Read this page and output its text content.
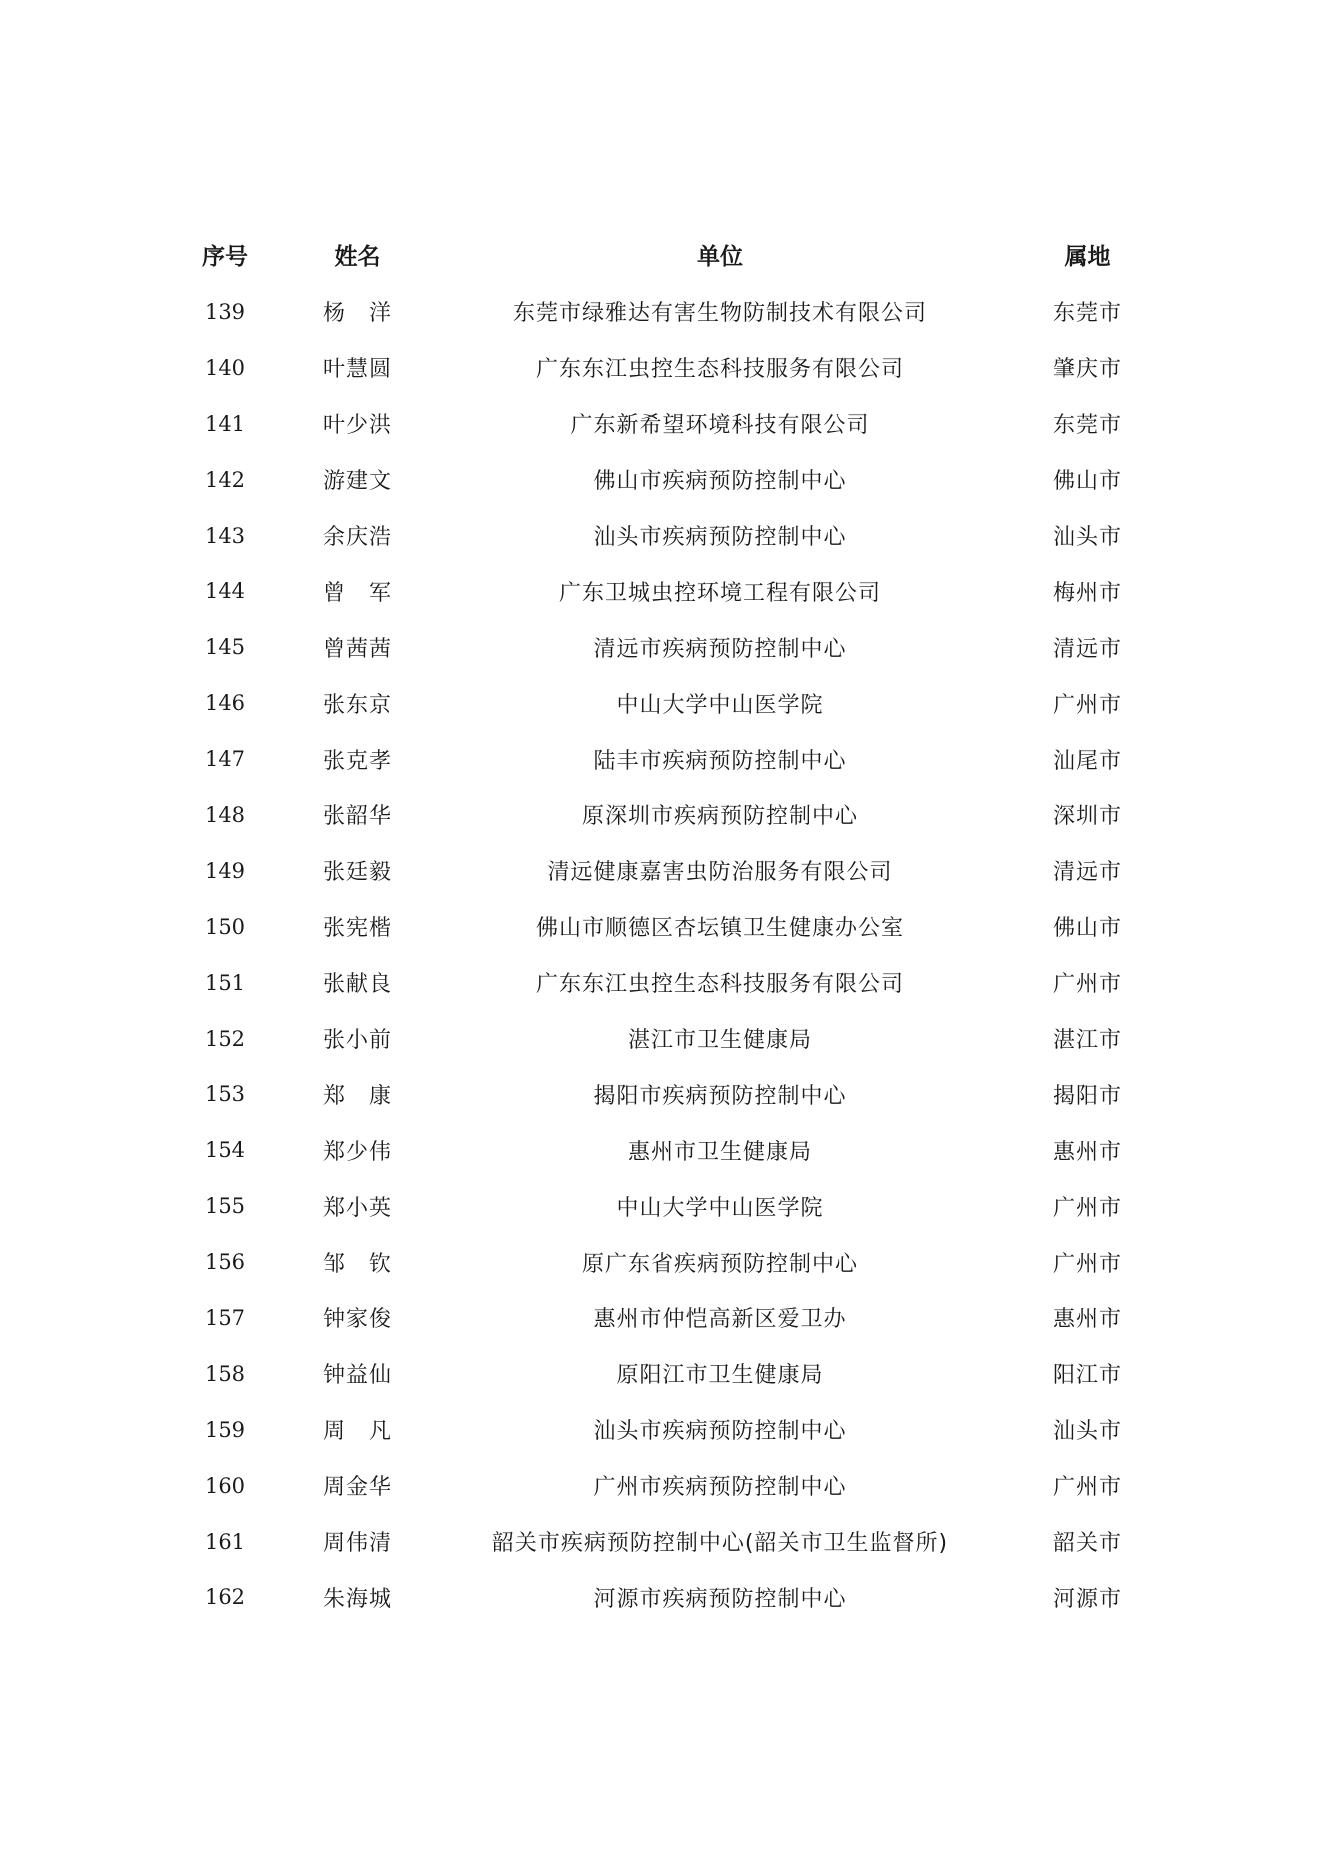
序号	姓名	单位	属地
139	杨　洋	东莞市绿雅达有害生物防制技术有限公司	东莞市
140	叶慧圆	广东东江虫控生态科技服务有限公司	肇庆市
141	叶少洪	广东新希望环境科技有限公司	东莞市
142	游建文	佛山市疾病预防控制中心	佛山市
143	余庆浩	汕头市疾病预防控制中心	汕头市
144	曾　军	广东卫城虫控环境工程有限公司	梅州市
145	曾茜茜	清远市疾病预防控制中心	清远市
146	张东京	中山大学中山医学院	广州市
147	张克孝	陆丰市疾病预防控制中心	汕尾市
148	张韶华	原深圳市疾病预防控制中心	深圳市
149	张廷毅	清远健康嘉害虫防治服务有限公司	清远市
150	张宪楷	佛山市顺德区杏坛镇卫生健康办公室	佛山市
151	张献良	广东东江虫控生态科技服务有限公司	广州市
152	张小前	湛江市卫生健康局	湛江市
153	郑　康	揭阳市疾病预防控制中心	揭阳市
154	郑少伟	惠州市卫生健康局	惠州市
155	郑小英	中山大学中山医学院	广州市
156	邹　钦	原广东省疾病预防控制中心	广州市
157	钟家俊	惠州市仲恺高新区爱卫办	惠州市
158	钟益仙	原阳江市卫生健康局	阳江市
159	周　凡	汕头市疾病预防控制中心	汕头市
160	周金华	广州市疾病预防控制中心	广州市
161	周伟清	韶关市疾病预防控制中心(韶关市卫生监督所)	韶关市
162	朱海城	河源市疾病预防控制中心	河源市
